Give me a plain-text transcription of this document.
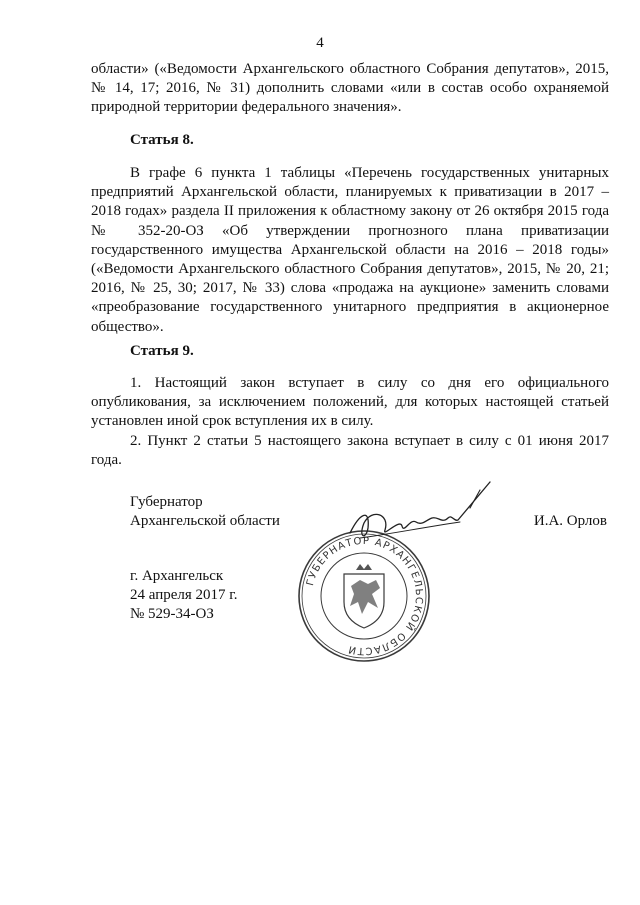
4
области» («Ведомости Архангельского областного Собрания депутатов», 2015, № 14, 17; 2016, № 31) дополнить словами «или в состав особо охраняемой природной территории федерального значения».
Статья 8.
В графе 6 пункта 1 таблицы «Перечень государственных унитарных предприятий Архангельской области, планируемых к приватизации в 2017 – 2018 годах» раздела II приложения к областному закону от 26 октября 2015 года № 352-20-ОЗ «Об утверждении прогнозного плана приватизации государственного имущества Архангельской области на 2016 – 2018 годы» («Ведомости Архангельского областного Собрания депутатов», 2015, № 20, 21; 2016, № 25, 30; 2017, № 33) слова «продажа на аукционе» заменить словами «преобразование государственного унитарного предприятия в акционерное общество».
Статья 9.
1. Настоящий закон вступает в силу со дня его официального опубликования, за исключением положений, для которых настоящей статьей установлен иной срок вступления их в силу.
2. Пункт 2 статьи 5 настоящего закона вступает в силу с 01 июня 2017 года.
Губернатор
Архангельской области	И.А. Орлов
ГУБЕРНАТОР АРХАНГЕЛЬСКОЙ ОБЛАСТИ
г. Архангельск
24 апреля 2017 г.
№ 529-34-ОЗ
